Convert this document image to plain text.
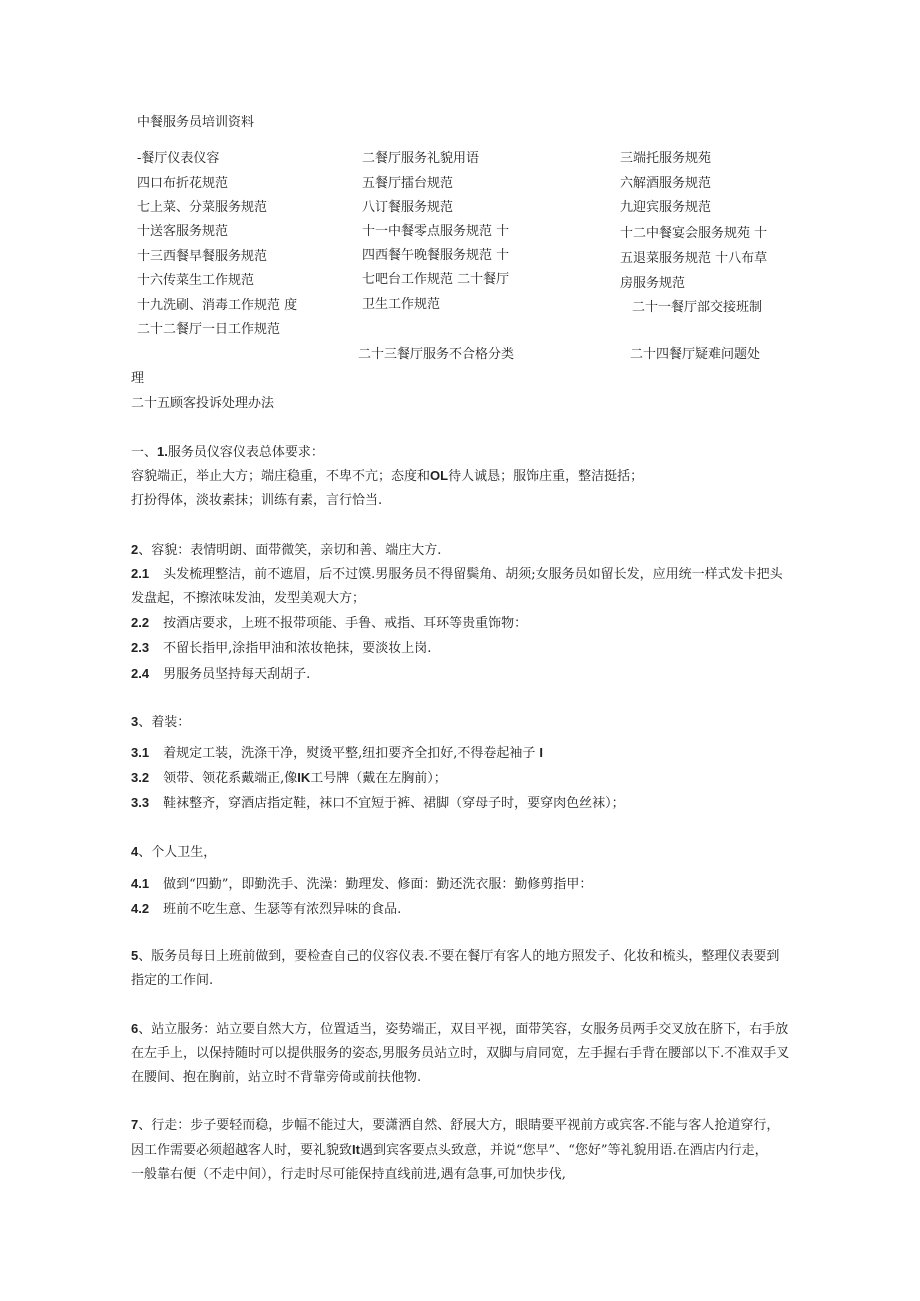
中餐服务员培训资料
-餐厅仪表仪容
四口布折花规范
七上菜、分菜服务规范
十送客服务规范
十三西餐早餐服务规范
十六传菜生工作规范
十九洗刷、消毒工作规范 度
二十二餐厅一日工作规范
二餐厅服务礼貌用语
五餐厅擂台规范
八订餐服务规范
十一中餐零点服务规范 十
四西餐午晚餐服务规范 十
七吧台工作规范 二十餐厅
卫生工作规范
三端托服务规苑
六解酒服务规范
九迎宾服务规范
十二中餐宴会服务规苑 十
五退菜服务规范 十八布草
房服务规范
二十一餐厅部交接班制
二十三餐厅服务不合格分类	二十四餐厅疑难问题处
理
二十五顾客投诉处理办法
一、1.服务员仪容仪表总体要求：
容貌端正，举止大方；端庄稳重，不卑不亢；态度和OL待人诚恳；服饰庄重，整洁挺括；
打扮得体，淡妆素抹；训练有素，言行恰当.
2、容貌：表情明朗、面带微笑，亲切和善、端庄大方.
2.1 头发梳理整洁，前不遮眉，后不过馍.男服务员不得留鬓角、胡须;女服务员如留长发，应用统一样式发卡把头
发盘起，不擦浓味发油，发型美观大方；
2.2 按酒店要求，上班不报带项能、手鲁、戒指、耳环等贵重饰物：
2.3 不留长指甲,涂指甲油和浓妆艳抹，要淡妆上岗.
2.4 男服务员坚持每天刮胡子.
3、着装：
3.1 着规定工装，洗涤干净，熨烫平整,纽扣要齐全扣好,不得卷起袖子 I
3.2 领带、领花系戴端正,像IK工号牌（戴在左胸前）；
3.3 鞋袜整齐，穿酒店指定鞋，袜口不宜短于裤、裙脚（穿母子时，要穿肉色丝袜）；
4、个人卫生，
4.1 做到“四勤”，即勤洗手、洗澡：勤理发、修面：勤还洗衣服：勤修剪指甲：
4.2 班前不吃生意、生瑟等有浓烈异味的食品.
5、版务员每日上班前做到，要检查自己的仪容仪表.不要在餐厅有客人的地方照发子、化妆和梳头，整理仪表要到
指定的工作间.
6、站立服务：站立要自然大方，位置适当，姿势端正，双目平视，面带笑容，女服务员两手交叉放在脐下，右手放
在左手上，以保持随时可以提供服务的姿态,男服务员站立时，双脚与肩同宽，左手握右手背在腰部以下.不准双手叉
在腰间、抱在胸前，站立时不背靠旁倚或前扶他物.
7、行走：步子要轻而稳，步幅不能过大，要潇洒自然、舒展大方，眼睛要平视前方或宾客.不能与客人抢道穿行，
因工作需要必须超越客人时，要礼貌致It遇到宾客要点头致意，并说“您早”、“您好”等礼貌用语.在酒店内行走，
一般靠右便（不走中间），行走时尽可能保持直线前进,遇有急事,可加快步伐,
